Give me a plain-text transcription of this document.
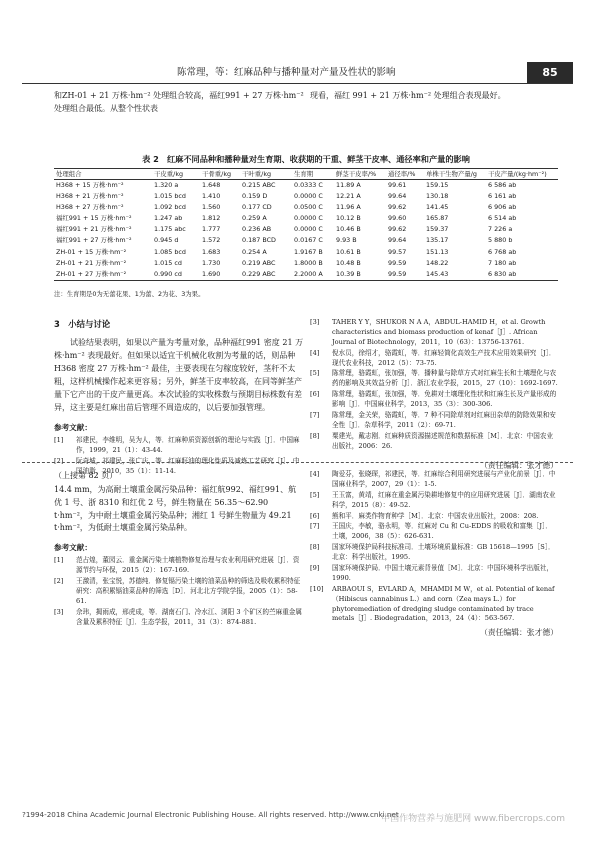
陈常理，等：红麻品种与播种量对产量及性状的影响	85

和ZH-01 + 21 万株·hm⁻² 处理组合较高，福红991 + 27 万株·hm⁻² 处理组合最低。从整个性状表

现看，福红 991 + 21 万株·hm⁻² 处理组合表现最好。

表 2　红麻不同品种和播种量对生育期、收获期的干重、鲜茎干皮率、通径率和产量的影响
处理组合	干皮重/kg	干骨重/kg	干叶重/kg	生育期	鲜茎干皮率/%	通径率/%	单株干生物产量/g	干皮产量/(kg·hm⁻²)
H368 + 15 万株·hm⁻²	1.320 a	1.648	0.215 ABC	0.0333 C	11.89 A	99.61	159.15	6 586 ab
H368 + 21 万株·hm⁻²	1.015 bcd	1.410	0.159 D	0.0000 C	12.21 A	99.64	130.18	6 161 ab
H368 + 27 万株·hm⁻²	1.092 bcd	1.560	0.177 CD	0.0500 C	11.96 A	99.62	141.45	6 906 ab
福红991 + 15 万株·hm⁻²	1.247 ab	1.812	0.259 A	0.0000 C	10.12 B	99.60	165.87	6 514 ab
福红991 + 21 万株·hm⁻²	1.175 abc	1.777	0.236 AB	0.0000 C	10.46 B	99.62	159.37	7 226 a
福红991 + 27 万株·hm⁻²	0.945 d	1.572	0.187 BCD	0.0167 C	9.93 B	99.64	135.17	5 880 b
ZH-01 + 15 万株·hm⁻²	1.085 bcd	1.683	0.254 A	1.9167 B	10.61 B	99.57	151.13	6 768 ab
ZH-01 + 21 万株·hm⁻²	1.015 cd	1.730	0.219 ABC	1.8000 B	10.48 B	99.59	148.22	7 180 ab
ZH-01 + 27 万株·hm⁻²	0.990 cd	1.690	0.229 ABC	2.2000 A	10.39 B	99.59	145.43	6 830 ab
注：生育期是0为无蕾花果、1为蕾、2为花、3为果。
3　小结与讨论

试验结果表明，如果以产量为考量对象，品种福红991 密度 21 万株·hm⁻² 表现最好。但如果以适宜干机械化收割为考量的话，则品种 H368 密度 27 万株·hm⁻² 最佳，主要表现在匀稼度较好，茎秆不太粗，这样机械操作起来更容易；另外，鲜茎干皮率较高，在同等鲜茎产量下它产出的干皮产量更高。本次试验的实收株数与预期目标株数有差异，这主要是红麻出苗后管理不周造成的，以后要加强管理。

参考文献：
[1]	祁建民，李维明，吴为人，等．红麻种质资源创新的理论与实践［J］．中国麻作，1999，21（1）：43-44.
[2]	阮奇城，祁建民，张广庆，等．红麻籽油的理化性质及减炼工艺研究［J］．中国油脂，2010，35（1）：11-14.
[3]	TAHER Y Y，SHUKOR N A A，ABDUL-HAMID H，et al. Growth characteristics and biomass production of kenaf［J］. African Journal of Biotechnology，2011，10（63）：13756-13761.
[4]	倪水员，徐绍才，骆霞虹，等．红麻轻简化高效生产技术应用效果研究［J］．现代农业科技，2012（5）：73-75.
[5]	陈常理，骆霞虹，张加强，等．播种量与除草方式对红麻生长和土壤理化与农药的影响及其效益分析［J］．浙江农业学报，2015，27（10）：1692-1697.
[6]	陈常理，骆霞虹，张加强，等．免耕对土壤理化性状和红麻生长及产量形成的影响［J］．中国麻业科学，2013，35（3）：300-306.
[7]	陈常理，金关荣，骆霞虹，等．7 种不同除草剂对红麻田杂草的防除效果和安全性［J］．杂草科学，2011（2）：69-71.
[8]	粟建光，戴志刚．红麻种质资源描述规范和数据标准［M］．北京：中国农业出版社，2006：26.
（责任编辑：张才德）
（上接第 82 页）

14.4 mm，为高耐土壤重金属污染品种：福红航992、福红991、航优 1 号、浙 8310 和红优 2 号，鲜生物量在 56.35～62.90 t·hm⁻²，为中耐土壤重金属污染品种；湘红 1 号鲜生物量为 49.21 t·hm⁻²，为低耐土壤重金属污染品种。

参考文献：
[1]	范占煌，董园云．重金属污染土壤植物修复治理与农业利用研究进展［J］．资源节约与环保，2015（2）：167-169.
[2]	王激清，张宝悦，苏德纯．修复镉污染土壤的油菜品种的筛选及吸收累积特征研究：高积累镉油菜品种的筛选［D］．河北北方学院学报，2005（1）：58-61.
[3]	佘玮，揭雨成，邢虎成，等．湖南石门、冷水江、浏阳 3 个矿区的苎麻重金属含量及累积特征［J］．生态学报，2011，31（3）：874-881.
[4]	陶爱芬，张晓琛，祁建民，等．红麻综合利用研究进展与产业化前景［J］．中国麻业科学，2007，29（1）：1-5.
[5]	王玉富，黄靖，红麻在重金属污染耕地修复中的应用研究进展［J］．湖南农业科学，2015（8）：49-52.
[6]	熊和平．麻类作物育种学［M］．北京：中国农业出版社，2008：208.
[7]	王国庆，李敏，骆永明，等．红麻对 Cu 和 Cu-EDDS 的吸收和富集［J］．土壤，2006，38（5）：626-631.
[8]	国家环境保护局科技标准司．土壤环境质量标准：GB 15618—1995［S］．北京：科学出版社，1995.
[9]	国家环境保护局．中国土壤元素背景值［M］．北京：中国环境科学出版社，1990.
[10]	ARBAOUI S，EVLARD A，MHAMDI M W，et al. Potential of kenaf（Hibiscus cannabinus L.）and corn（Zea mays L.）for phytoremediation of dredging sludge contaminated by trace metals［J］. Biodegradation，2013，24（4）：563-567.
（责任编辑：张才德）
?1994-2018 China Academic Journal Electronic Publishing House. All rights reserved. http://www.cnki.net
中国作物营养与施肥网 www.fibercrops.com
